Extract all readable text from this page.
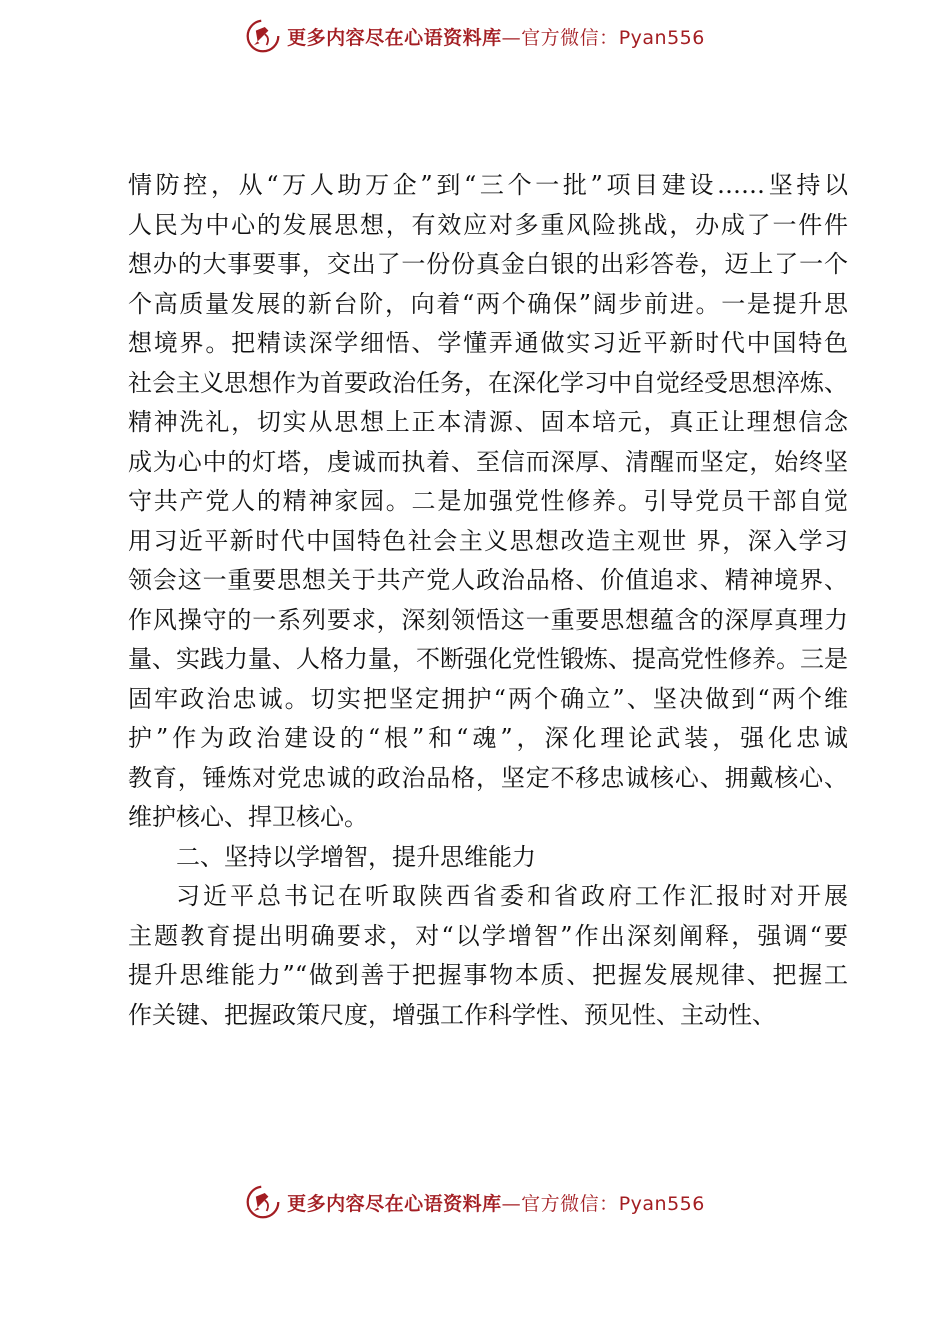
更多内容尽在心语资料库—官方微信：Pyan556
情防控，从“万人助万企”到“三个一批”项目建设……坚持以
人民为中心的发展思想，有效应对多重风险挑战，办成了一件件
想办的大事要事，交出了一份份真金白银的出彩答卷，迈上了一个
个高质量发展的新台阶，向着“两个确保”阔步前进。一是提升思
想境界。把精读深学细悟、学懂弄通做实习近平新时代中国特色
社会主义思想作为首要政治任务，在深化学习中自觉经受思想淬炼、
精神洗礼，切实从思想上正本清源、固本培元，真正让理想信念
成为心中的灯塔，虔诚而执着、至信而深厚、清醒而坚定，始终坚
守共产党人的精神家园。二是加强党性修养。引导党员干部自觉
用习近平新时代中国特色社会主义思想改造主观世 界，深入学习
领会这一重要思想关于共产党人政治品格、价值追求、精神境界、
作风操守的一系列要求，深刻领悟这一重要思想蕴含的深厚真理力
量、实践力量、人格力量，不断强化党性锻炼、提高党性修养。三是
固牢政治忠诚。切实把坚定拥护“两个确立”、坚决做到“两个维
护”作为政治建设的“根”和“魂”，深化理论武装，强化忠诚
教育，锤炼对党忠诚的政治品格，坚定不移忠诚核心、拥戴核心、
维护核心、捍卫核心。
二、坚持以学增智，提升思维能力
习近平总书记在听取陕西省委和省政府工作汇报时对开展
主题教育提出明确要求，对“以学增智”作出深刻阐释，强调“要
提升思维能力”“做到善于把握事物本质、把握发展规律、把握工
作关键、把握政策尺度，增强工作科学性、预见性、主动性、
更多内容尽在心语资料库—官方微信：Pyan556
